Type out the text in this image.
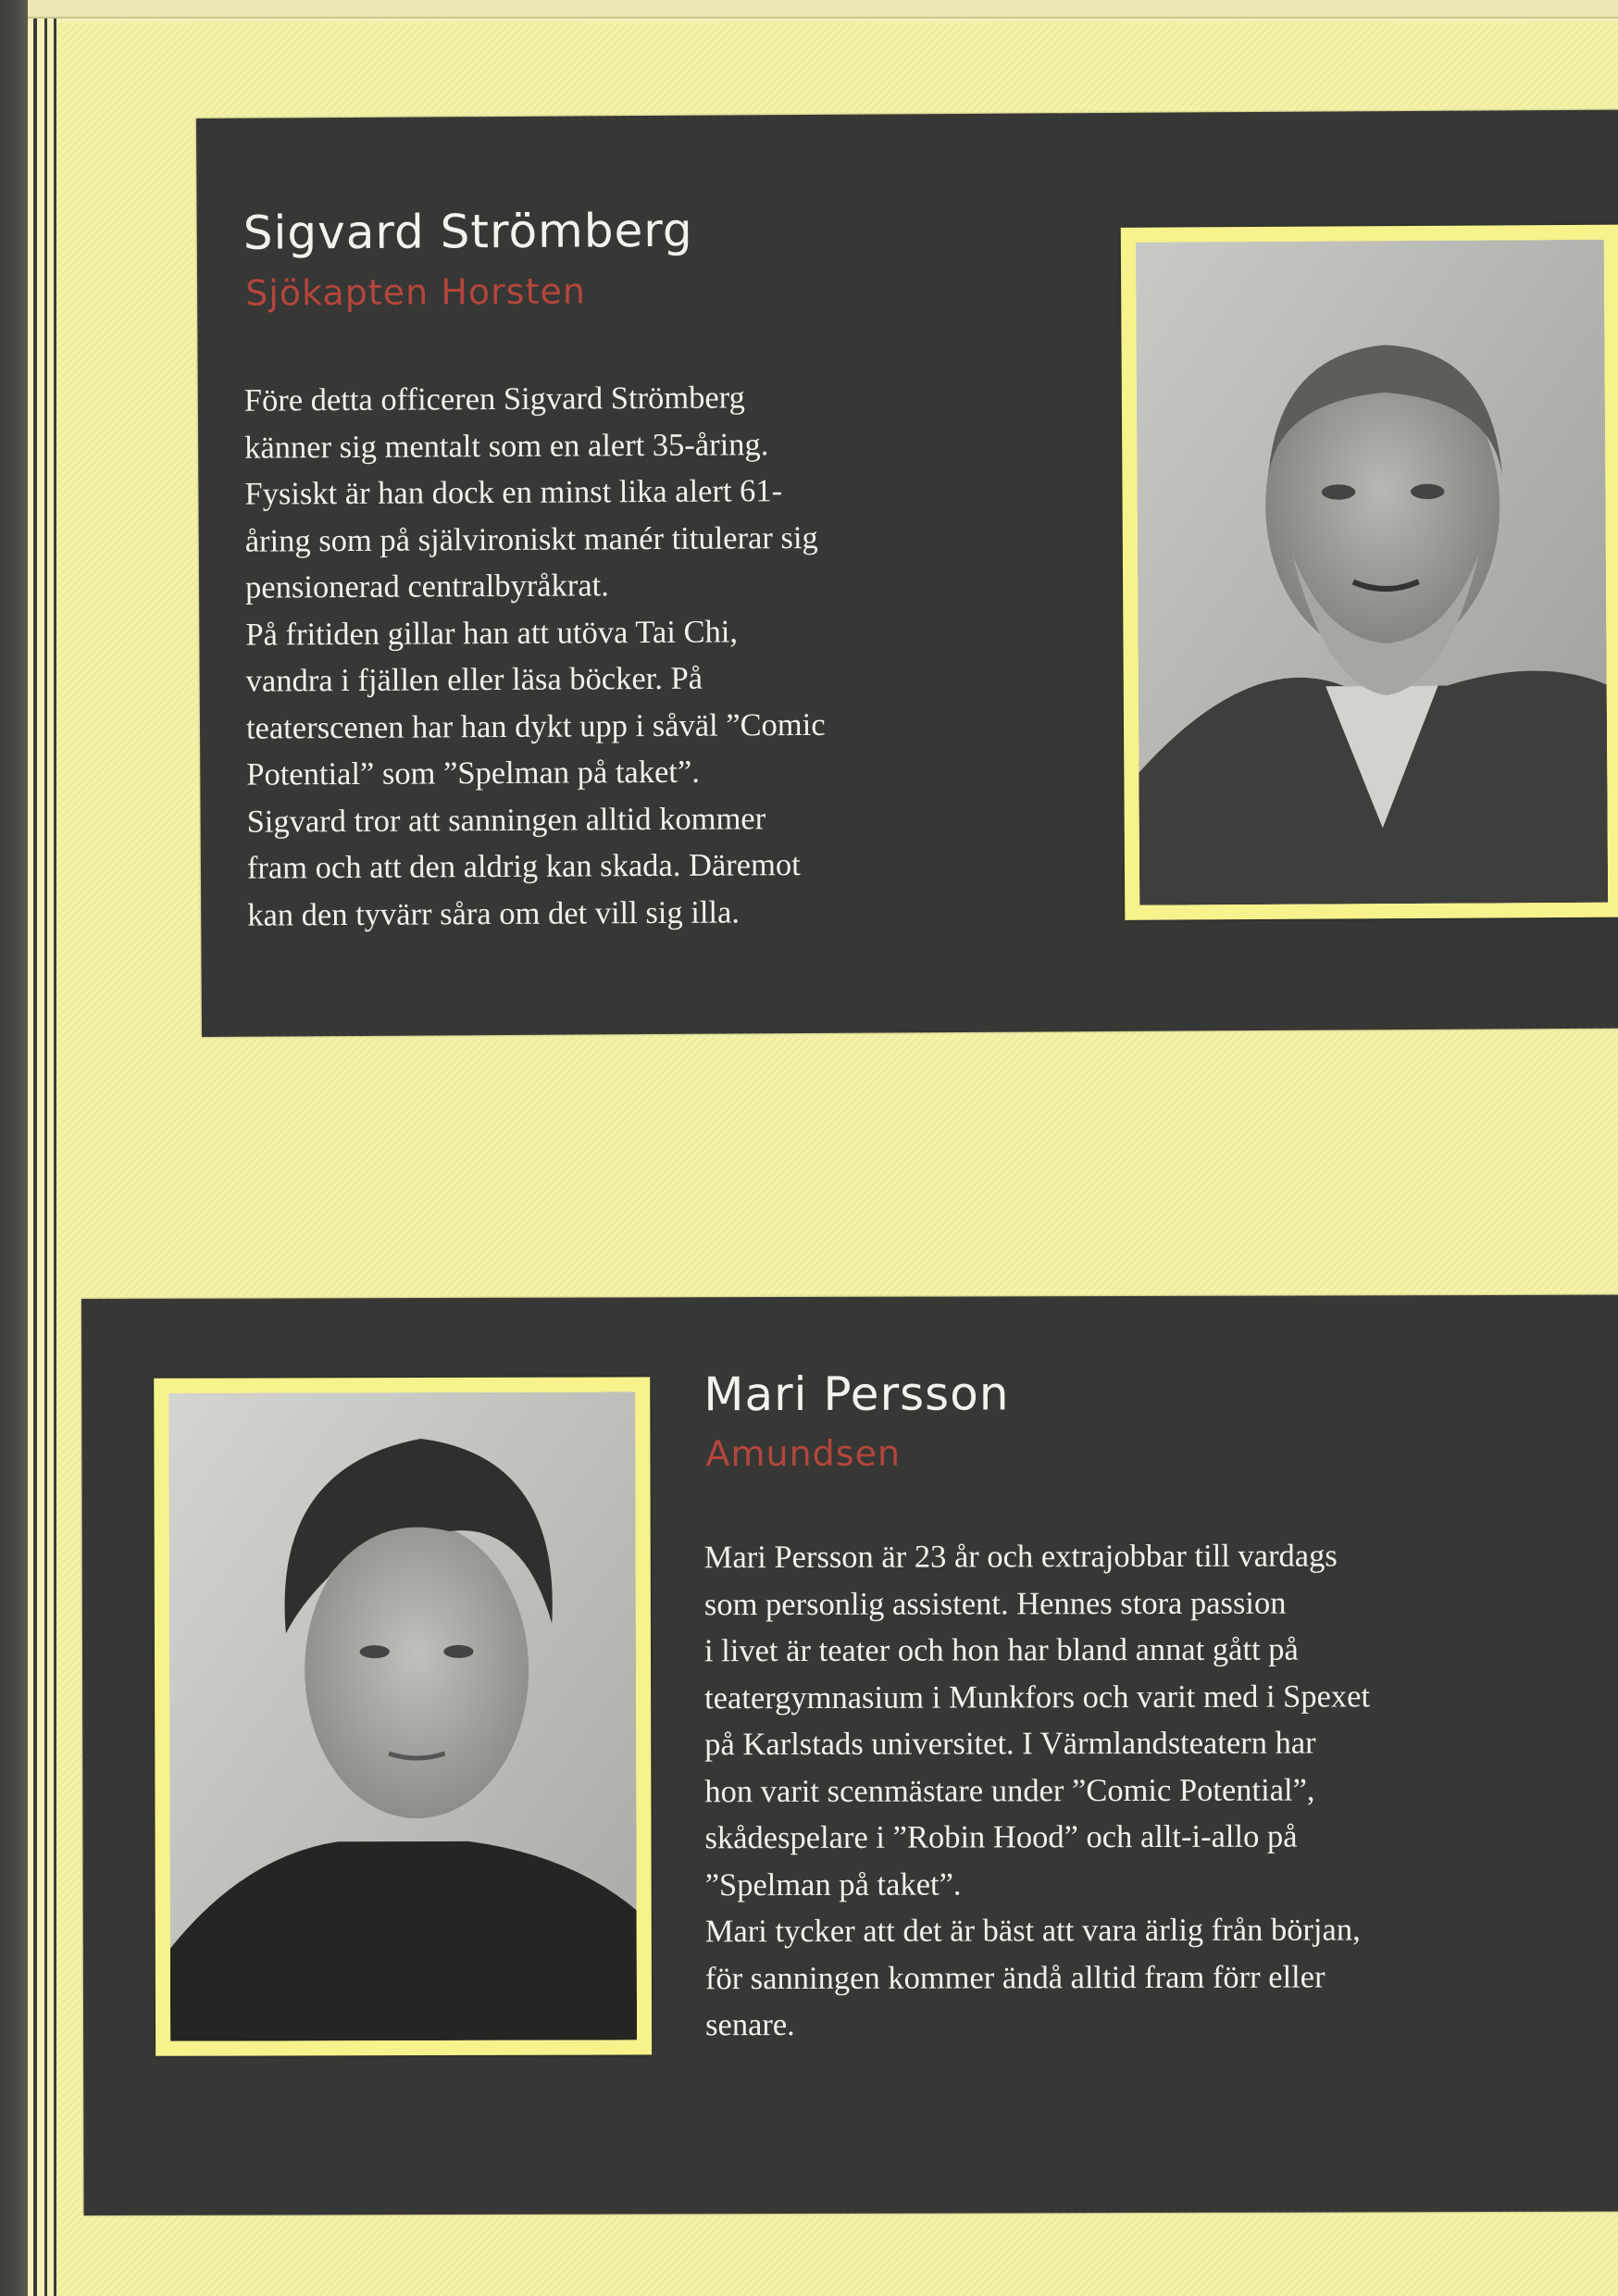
Sigvard Strömberg
Sjökapten Horsten

Före detta officeren Sigvard Strömberg

känner sig mentalt som en alert 35-åring.

Fysiskt är han dock en minst lika alert 61-

åring som på självironiskt manér titulerar sig

pensionerad centralbyråkrat.

På fritiden gillar han att utöva Tai Chi,

vandra i fjällen eller läsa böcker. På

teaterscenen har han dykt upp i såväl ”Comic

Potential” som ”Spelman på taket”.

Sigvard tror att sanningen alltid kommer

fram och att den aldrig kan skada. Däremot

kan den tyvärr såra om det vill sig illa.

Mari Persson
Amundsen

Mari Persson är 23 år och extrajobbar till vardags

som personlig assistent. Hennes stora passion

i livet är teater och hon har bland annat gått på

teatergymnasium i Munkfors och varit med i Spexet

på Karlstads universitet. I Värmlandsteatern har

hon varit scenmästare under ”Comic Potential”,

skådespelare i ”Robin Hood” och allt-i-allo på

”Spelman på taket”.

Mari tycker att det är bäst att vara ärlig från början,

för sanningen kommer ändå alltid fram förr eller

senare.
